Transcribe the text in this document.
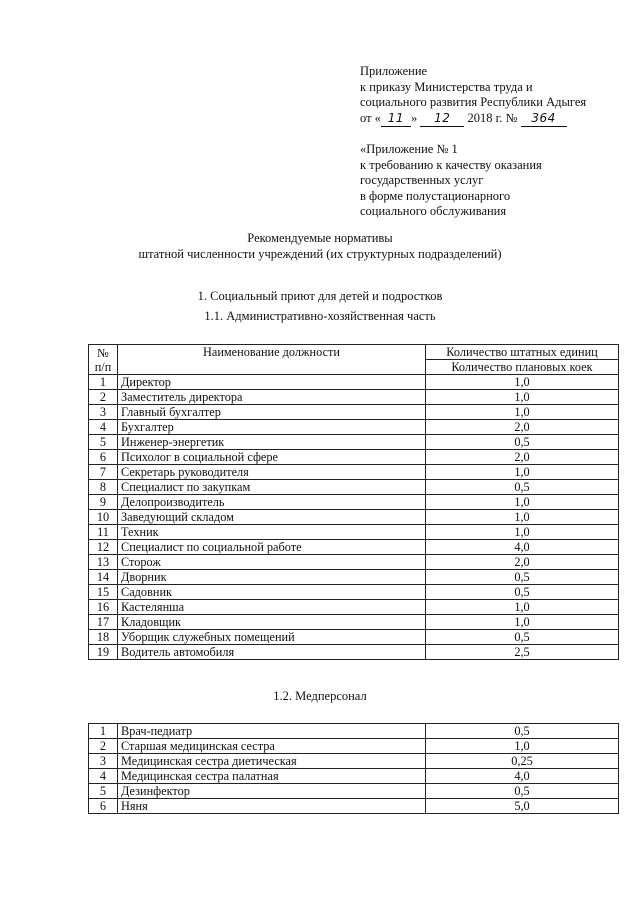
Приложение
к приказу Министерства труда и
социального развития Республики Адыгея
от « 11 » 12 2018 г. № 364
«Приложение № 1
к требованию к качеству оказания
государственных услуг
в форме полустационарного
социального обслуживания
Рекомендуемые нормативы
штатной численности учреждений (их структурных подразделений)
1. Социальный приют для детей и подростков
1.1. Административно-хозяйственная часть
№
п/п	Наименование должности	Количество штатных единиц
		Количество плановых коек
1	Директор	1,0
2	Заместитель директора	1,0
3	Главный бухгалтер	1,0
4	Бухгалтер	2,0
5	Инженер-энергетик	0,5
6	Психолог в социальной сфере	2,0
7	Секретарь руководителя	1,0
8	Специалист по закупкам	0,5
9	Делопроизводитель	1,0
10	Заведующий складом	1,0
11	Техник	1,0
12	Специалист по социальной работе	4,0
13	Сторож	2,0
14	Дворник	0,5
15	Садовник	0,5
16	Кастелянша	1,0
17	Кладовщик	1,0
18	Уборщик служебных помещений	0,5
19	Водитель автомобиля	2,5
1.2. Медперсонал
1	Врач-педиатр	0,5
2	Старшая медицинская сестра	1,0
3	Медицинская сестра диетическая	0,25
4	Медицинская сестра палатная	4,0
5	Дезинфектор	0,5
6	Няня	5,0
